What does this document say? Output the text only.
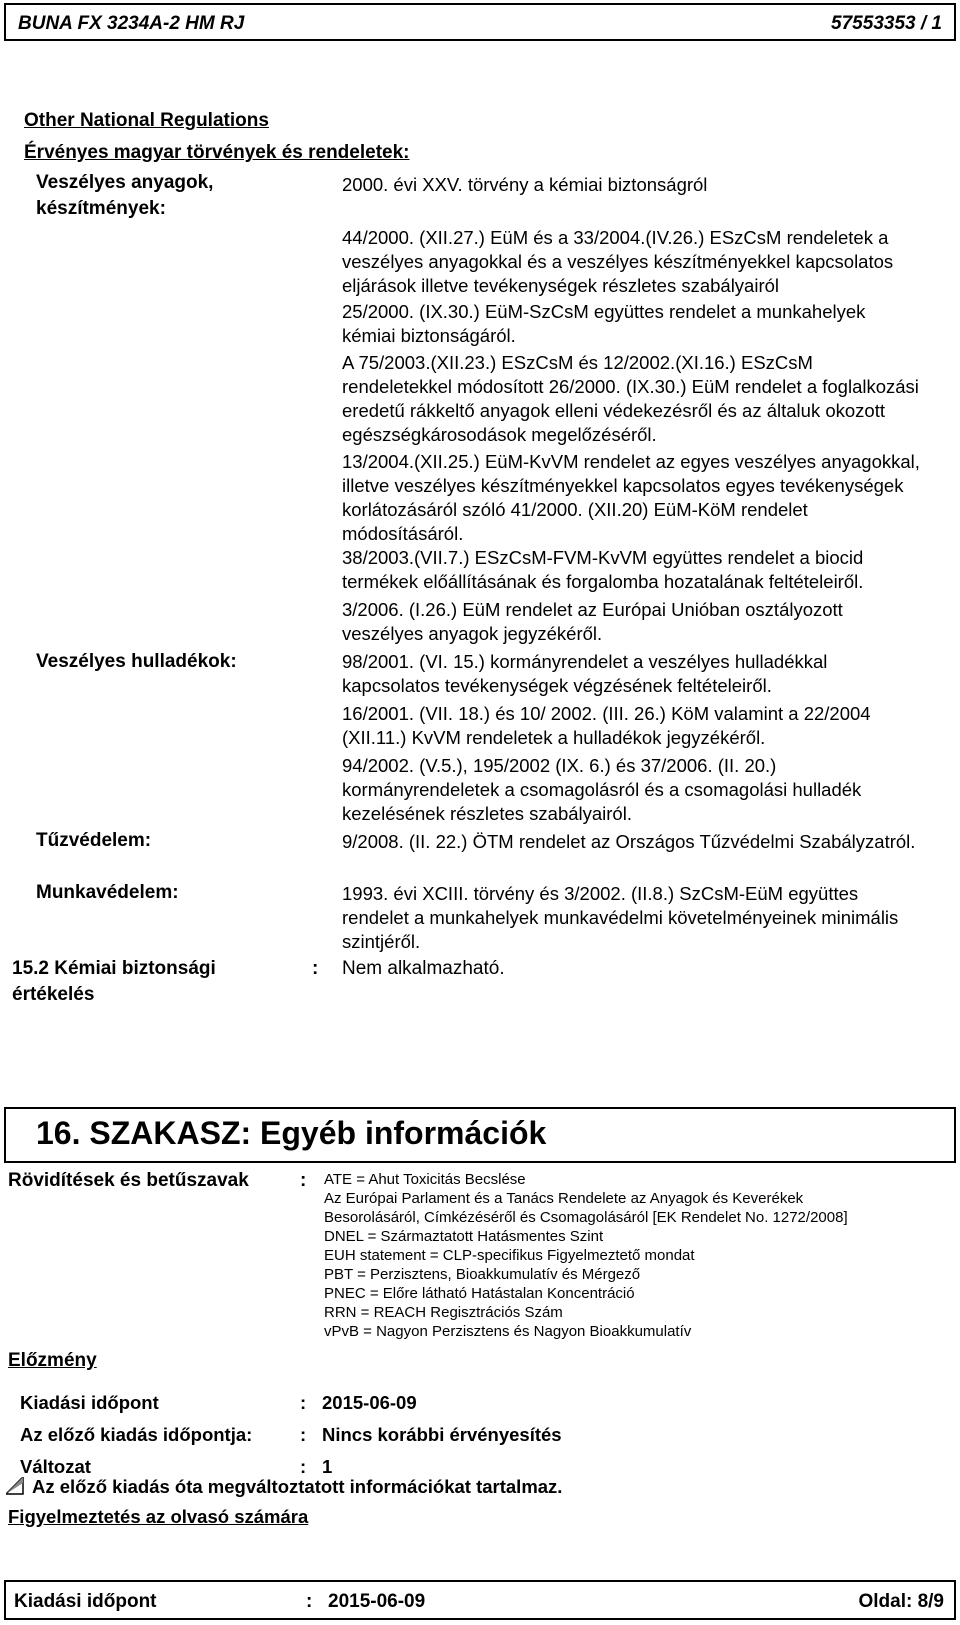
BUNA FX 3234A-2 HM RJ	57553353 / 1
Other National Regulations
Érvényes magyar törvények és rendeletek:
Veszélyes anyagok, készítmények:
2000. évi XXV. törvény a kémiai biztonságról
44/2000. (XII.27.) EüM és a 33/2004.(IV.26.) ESzCsM rendeletek a veszélyes anyagokkal és a veszélyes készítményekkel kapcsolatos eljárások illetve tevékenységek részletes szabályairól
25/2000. (IX.30.) EüM-SzCsM együttes rendelet a munkahelyek kémiai biztonságáról.
A 75/2003.(XII.23.) ESzCsM és 12/2002.(XI.16.) ESzCsM rendeletekkel módosított 26/2000. (IX.30.) EüM rendelet a foglalkozási eredetű rákkeltő anyagok elleni védekezésről és az általuk okozott egészségkárosodások megelőzéséről.
13/2004.(XII.25.) EüM-KvVM rendelet az egyes veszélyes anyagokkal, illetve veszélyes készítményekkel kapcsolatos egyes tevékenységek korlátozásáról szóló 41/2000. (XII.20) EüM-KöM rendelet módosításáról.
38/2003.(VII.7.) ESzCsM-FVM-KvVM együttes rendelet a biocid termékek előállításának és forgalomba hozatalának feltételeiről.
3/2006. (I.26.) EüM rendelet az Európai Unióban osztályozott veszélyes anyagok jegyzékéről.
Veszélyes hulladékok:	98/2001. (VI. 15.) kormányrendelet a veszélyes hulladékkal kapcsolatos tevékenységek végzésének feltételeiről.
16/2001. (VII. 18.) és 10/ 2002. (III. 26.) KöM valamint a 22/2004 (XII.11.) KvVM rendeletek a hulladékok jegyzékéről.
94/2002. (V.5.), 195/2002 (IX. 6.) és 37/2006. (II. 20.) kormányrendeletek a csomagolásról és a csomagolási hulladék kezelésének részletes szabályairól.
Tűzvédelem:	9/2008. (II. 22.) ÖTM rendelet az Országos Tűzvédelmi Szabályzatról.
Munkavédelem:	1993. évi XCIII. törvény és 3/2002. (II.8.) SzCsM-EüM együttes rendelet a munkahelyek munkavédelmi követelményeinek minimális szintjéről.
15.2 Kémiai biztonsági értékelés
: Nem alkalmazható.
16. SZAKASZ: Egyéb információk
Rövidítések és betűszavak	: ATE = Ahut Toxicitás Becslése
Az Európai Parlament és a Tanács Rendelete az Anyagok és Keverékek
Besorolásáról, Címkézéséről és Csomagolásáról [EK Rendelet No. 1272/2008]
DNEL = Származtatott Hatásmentes Szint
EUH statement = CLP-specifikus Figyelmeztető mondat
PBT = Perzisztens, Bioakkumulatív és Mérgező
PNEC = Előre látható Hatástalan Koncentráció
RRN = REACH Regisztrációs Szám
vPvB = Nagyon Perzisztens és Nagyon Bioakkumulatív
Előzmény
Kiadási időpont	: 2015-06-09
Az előző kiadás időpontja:	: Nincs korábbi érvényesítés
Változat	: 1
Az előző kiadás óta megváltoztatott információkat tartalmaz.
Figyelmeztetés az olvasó számára
Kiadási időpont	: 2015-06-09	Oldal: 8/9
